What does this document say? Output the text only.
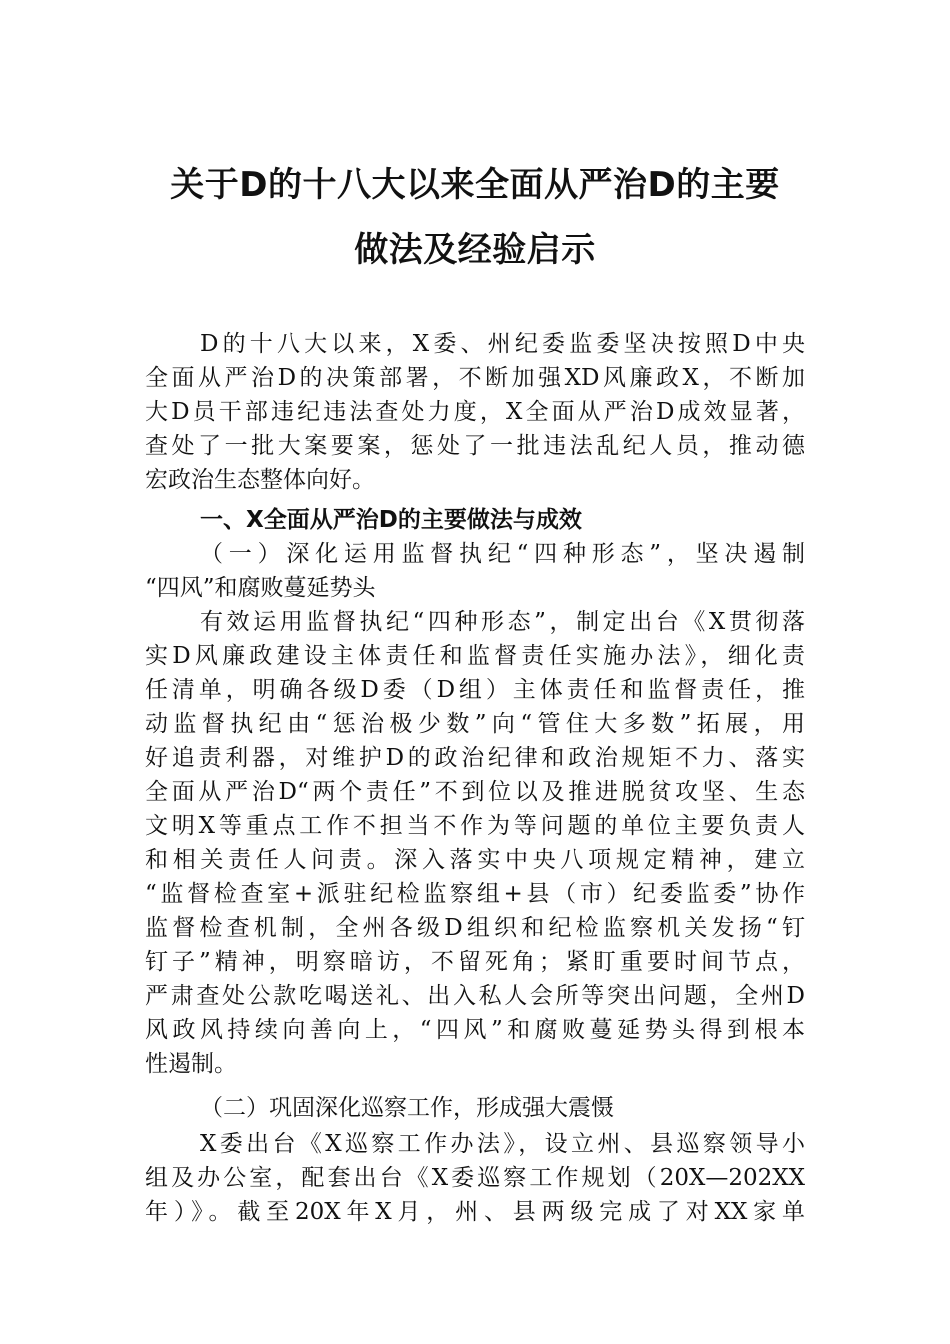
关于D的十八大以来全面从严治D的主要
做法及经验启示
D的十八大以来，X委、州纪委监委坚决按照D中央
全面从严治D的决策部署，不断加强XD风廉政X，不断加
大D员干部违纪违法查处力度，X全面从严治D成效显著，
查处了一批大案要案，惩处了一批违法乱纪人员，推动德
宏政治生态整体向好。
一、X全面从严治D的主要做法与成效
（一）深化运用监督执纪“四种形态”，坚决遏制
“四风”和腐败蔓延势头
有效运用监督执纪“四种形态”，制定出台《X贯彻落
实D风廉政建设主体责任和监督责任实施办法》，细化责
任清单，明确各级D委（D组）主体责任和监督责任，推
动监督执纪由“惩治极少数”向“管住大多数”拓展，用
好追责利器，对维护D的政治纪律和政治规矩不力、落实
全面从严治D“两个责任”不到位以及推进脱贫攻坚、生态
文明X等重点工作不担当不作为等问题的单位主要负责人
和相关责任人问责。深入落实中央八项规定精神，建立
“监督检查室+派驻纪检监察组+县（市）纪委监委”协作
监督检查机制，全州各级D组织和纪检监察机关发扬“钉
钉子”精神，明察暗访，不留死角；紧盯重要时间节点，
严肃查处公款吃喝送礼、出入私人会所等突出问题，全州D
风政风持续向善向上，“四风”和腐败蔓延势头得到根本
性遏制。
（二）巩固深化巡察工作，形成强大震慑
X委出台《X巡察工作办法》，设立州、县巡察领导小
组及办公室，配套出台《X委巡察工作规划（20X—202XX
年）》。截至20X年X月，州、县两级完成了对XX家单
